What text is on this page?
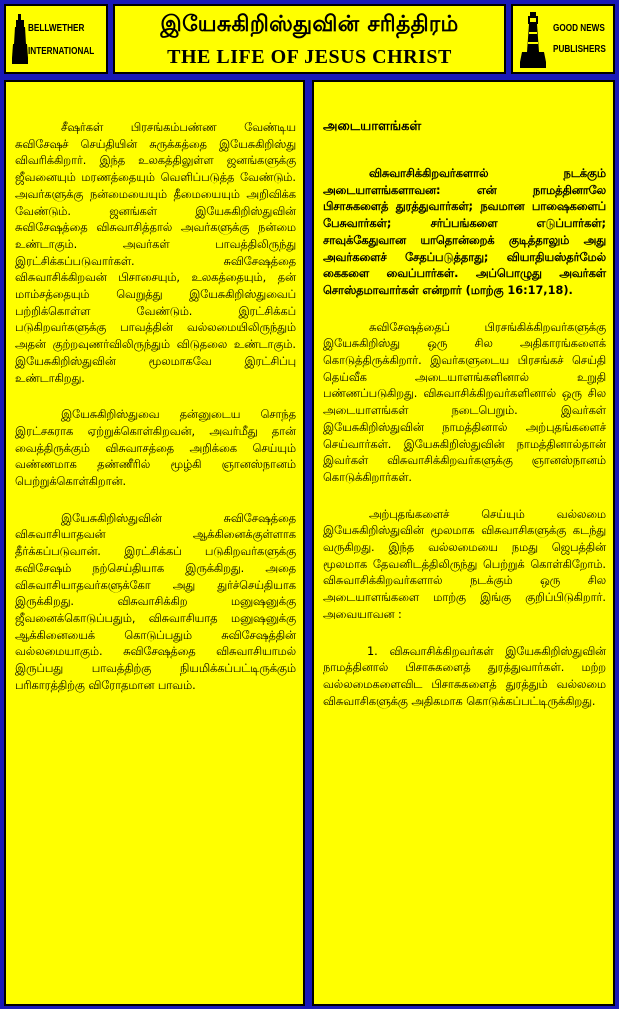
BELLWETHER
INTERNATIONAL
இயேசுகிறிஸ்துவின் சரித்திரம்
THE LIFE OF JESUS CHRIST
GOOD NEWS
PUBLISHERS

சீஷர்கள் பிரசங்கம்பண்ண வேண்டிய சுவிசேஷச் செய்தியின் சுருக்கத்தை இயேசுகிறிஸ்து விவரிக்கிறார். இந்த உலகத்திலுள்ள ஜனங்களுக்கு ஜீவனையும் மரணத்தையும் வெளிப்படுத்த வேண்டும். அவர்களுக்கு நன்மையையும் தீமையையும் அறிவிக்க வேண்டும். ஜனங்கள் இயேசுகிறிஸ்துவின் சுவிசேஷத்தை விசுவாசித்தால் அவர்களுக்கு நன்மை உண்டாகும். அவர்கள் பாவத்திலிருந்து இரட்சிக்கப்படுவார்கள். சுவிசேஷத்தை விசுவாசிக்கிறவன் பிசாசையும், உலகத்தையும், தன் மாம்சத்தையும் வெறுத்து இயேசுகிறிஸ்துவைப் பற்றிக்கொள்ள வேண்டும். இரட்சிக்கப் படுகிறவர்களுக்கு பாவத்தின் வல்லமையிலிருந்தும் அதன் குற்றவுணர்விலிருந்தும் விடுதலை உண்டாகும். இயேசுகிறிஸ்துவின் மூலமாகவே இரட்சிப்பு உண்டாகிறது.

இயேசுகிறிஸ்துவை தன்னுடைய சொந்த இரட்சகராக ஏற்றுக்கொள்கிறவன், அவர்மீது தான் வைத்திருக்கும் விசுவாசத்தை அறிக்கை செய்யும் வண்ணமாக தண்ணீரில் மூழ்கி ஞானஸ்நானம் பெற்றுக்கொள்கிறான்.

இயேசுகிறிஸ்துவின் சுவிசேஷத்தை விசுவாசியாதவன் ஆக்கினைக்குள்ளாக தீர்க்கப்படுவான். இரட்சிக்கப் படுகிறவர்களுக்கு சுவிசேஷம் நற்செய்தியாக இருக்கிறது. அதை விசுவாசியாதவர்களுக்கோ அது துர்ச்செய்தியாக இருக்கிறது. விசுவாசிக்கிற மனுஷனுக்கு ஜீவனைக்கொடுப்பதும், விசுவாசியாத மனுஷனுக்கு ஆக்கினையைக் கொடுப்பதும் சுவிசேஷத்தின் வல்லமையாகும். சுவிசேஷத்தை விசுவாசியாமல் இருப்பது பாவத்திற்கு நியமிக்கப்பட்டிருக்கும் பரிகாரத்திற்கு விரோதமான பாவம்.

அடையாளங்கள்

விசுவாசிக்கிறவர்களால் நடக்கும் அடையாளங்களாவன: என் நாமத்தினாலே பிசாசுகளைத் துரத்துவார்கள்; நவமான பாஷைகளைப் பேசுவார்கள்; சர்ப்பங்களை எடுப்பார்கள்; சாவுக்கேதுவான யாதொன்றைக் குடித்தாலும் அது அவர்களைச் சேதப்படுத்தாது; வியாதியஸ்தர்மேல் கைகளை வைப்பார்கள். அப்பொழுது அவர்கள் சொஸ்தமாவார்கள் என்றார் (மாற்கு 16:17,18).

சுவிசேஷத்தைப் பிரசங்கிக்கிறவர்களுக்கு இயேசுகிறிஸ்து ஒரு சில அதிகாரங்களைக் கொடுத்திருக்கிறார். இவர்களுடைய பிரசங்கச் செய்தி தெய்வீக அடையாளங்களினால் உறுதி பண்ணப்படுகிறது. விசுவாசிக்கிறவர்களினால் ஒரு சில அடையாளங்கள் நடைபெறும். இவர்கள் இயேசுகிறிஸ்துவின் நாமத்தினால் அற்புதங்களைச் செய்வார்கள். இயேசுகிறிஸ்துவின் நாமத்தினால்தான் இவர்கள் விசுவாசிக்கிறவர்களுக்கு ஞானஸ்நானம் கொடுக்கிறார்கள்.

அற்புதங்களைச் செய்யும் வல்லமை இயேசுகிறிஸ்துவின் மூலமாக விசுவாசிகளுக்கு கடந்து வருகிறது. இந்த வல்லமையை நமது ஜெபத்தின் மூலமாக தேவனிடத்திலிருந்து பெற்றுக் கொள்கிறோம். விசுவாசிக்கிறவர்களால் நடக்கும் ஒரு சில அடையாளங்களை மாற்கு இங்கு குறிப்பிடுகிறார். அவையாவன :

1. விசுவாசிக்கிறவர்கள் இயேசுகிறிஸ்துவின் நாமத்தினால் பிசாசுகளைத் துரத்துவார்கள். மற்ற வல்லமைகளைவிட பிசாசுகளைத் துரத்தும் வல்லமை விசுவாசிகளுக்கு அதிகமாக கொடுக்கப்பட்டிருக்கிறது.
